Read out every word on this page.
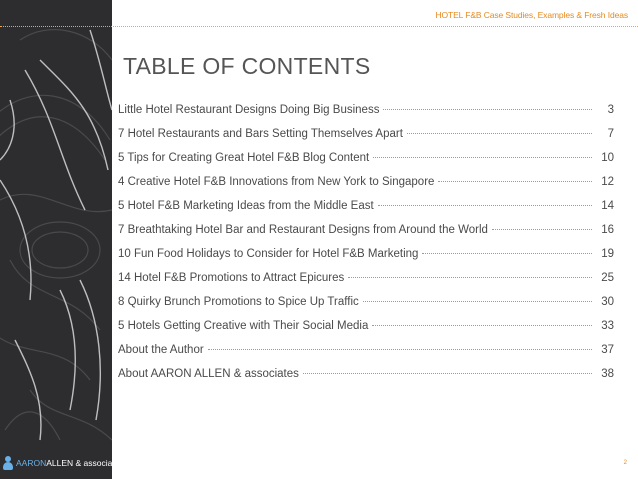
HOTEL F&B Case Studies, Examples & Fresh Ideas
TABLE OF CONTENTS
Little Hotel Restaurant Designs Doing Big Business	3
7 Hotel Restaurants and Bars Setting Themselves Apart	7
5 Tips for Creating Great Hotel F&B Blog Content	10
4 Creative Hotel F&B Innovations from New York to Singapore	12
5 Hotel F&B Marketing Ideas from the Middle East	14
7 Breathtaking Hotel Bar and Restaurant Designs from Around the World	16
10 Fun Food Holidays to Consider for Hotel F&B Marketing	19
14 Hotel F&B Promotions to Attract Epicures	25
8 Quirky Brunch Promotions to Spice Up Traffic	30
5 Hotels Getting Creative with Their Social Media	33
About the Author	37
About AARON ALLEN & associates	38
AARONALLEN & associates	2
